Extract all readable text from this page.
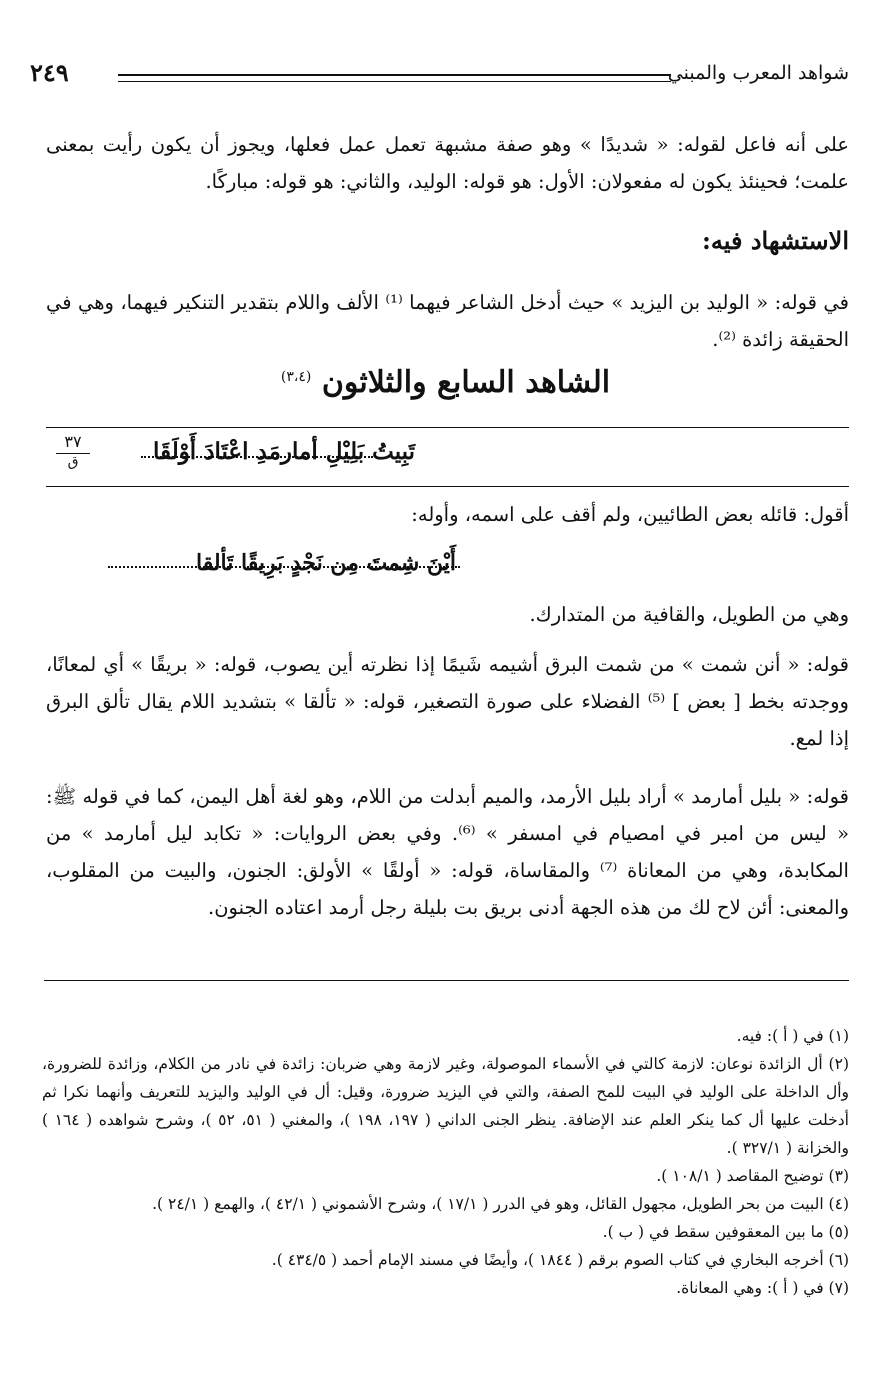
شواهد المعرب والمبني
٢٤٩

على أنه فاعل لقوله: « شديدًا » وهو صفة مشبهة تعمل عمل فعلها، ويجوز أن يكون رأيت بمعنى علمت؛ فحينئذ يكون له مفعولان: الأول: هو قوله: الوليد، والثاني: هو قوله: مباركًا.

الاستشهاد فيه:

في قوله: « الوليد بن اليزيد » حيث أدخل الشاعر فيهما ⁽¹⁾ الألف واللام بتقدير التنكير فيهما، وهي في الحقيقة زائدة ⁽²⁾.

الشاهد السابع والثلاثون $^{(٣،٤)}$
تَبِيتُ بَلِيْلِ أمارمَدِ اعْتَادَ أَوْلَقَا
٣٧
ق

أقول: قائله بعض الطائيين، ولم أقف على اسمه، وأوله:

أَيْنَ شِمتَ مِن نَجْدٍ بَرِيقًا تَألقا

وهي من الطويل، والقافية من المتدارك.

قوله: « أنن شمت » من شمت البرق أشيمه شَيمًا إذا نظرته أين يصوب، قوله: « بريقًا » أي لمعانًا، ووجدته بخط [ بعض ] ⁽⁵⁾ الفضلاء على صورة التصغير، قوله: « تألقا » بتشديد اللام يقال تألق البرق إذا لمع.

قوله: « بليل أمارمد » أراد بليل الأرمد، والميم أبدلت من اللام، وهو لغة أهل اليمن، كما في قوله ﷺ: « ليس من امبر في امصيام في امسفر » ⁽⁶⁾. وفي بعض الروايات: « تكابد ليل أمارمد » من المكابدة، وهي من المعاناة ⁽⁷⁾ والمقاساة، قوله: « أولقًا » الأولق: الجنون، والبيت من المقلوب، والمعنى: أئن لاح لك من هذه الجهة أدنى بريق بت بليلة رجل أرمد اعتاده الجنون.

(١) في ( أ ): فيه.
(٢) أل الزائدة نوعان: لازمة كالتي في الأسماء الموصولة، وغير لازمة وهي ضربان: زائدة في نادر من الكلام، وزائدة للضرورة، وأل الداخلة على الوليد في البيت للمح الصفة، والتي في اليزيد ضرورة، وقيل: أل في الوليد واليزيد للتعريف وأنهما نكرا ثم أدخلت عليها أل كما ينكر العلم عند الإضافة. ينظر الجنى الداني ( ١٩٧، ١٩٨ )، والمغني ( ٥١، ٥٢ )، وشرح شواهده ( ١٦٤ ) والخزانة ( ٣٢٧/١ ).
(٣) توضيح المقاصد ( ١٠٨/١ ).
(٤) البيت من بحر الطويل، مجهول القائل، وهو في الدرر ( ١٧/١ )، وشرح الأشموني ( ٤٢/١ )، والهمع ( ٢٤/١ ).
(٥) ما بين المعقوفين سقط في ( ب ).
(٦) أخرجه البخاري في كتاب الصوم برقم ( ١٨٤٤ )، وأيضًا في مسند الإمام أحمد ( ٤٣٤/٥ ).
(٧) في ( أ ): وهي المعاناة.
